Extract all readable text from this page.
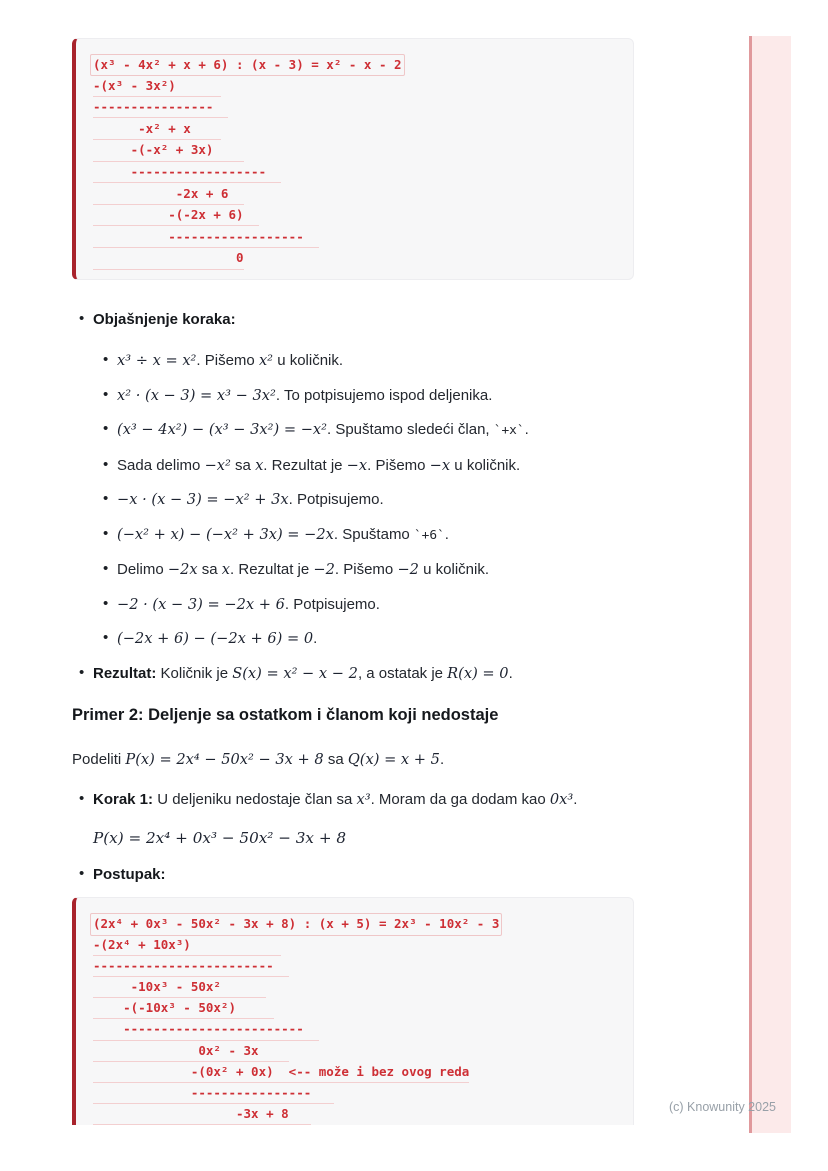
(c) Knowunity 2025
(x³ - 4x² + x + 6) : (x - 3) = x² - x - 2
-(x³ - 3x²)
----------------
-x² + x
-(-x² + 3x)
------------------
-2x + 6
-(-2x + 6)
------------------
0
• Objašnjenje koraka:
• x³ ÷ x = x². Pišemo x² u količnik.
• x² · (x − 3) = x³ − 3x². To potpisujemo ispod deljenika.
• (x³ − 4x²) − (x³ − 3x²) = −x². Spuštamo sledeći član, `+x`.
• Sada delimo −x² sa x. Rezultat je −x. Pišemo −x u količnik.
• −x · (x − 3) = −x² + 3x. Potpisujemo.
• (−x² + x) − (−x² + 3x) = −2x. Spuštamo `+6`.
• Delimo −2x sa x. Rezultat je −2. Pišemo −2 u količnik.
• −2 · (x − 3) = −2x + 6. Potpisujemo.
• (−2x + 6) − (−2x + 6) = 0.
• Rezultat: Količnik je S(x) = x² − x − 2, a ostatak je R(x) = 0.
Primer 2: Deljenje sa ostatkom i članom koji nedostaje

Podeliti P(x) = 2x⁴ − 50x² − 3x + 8 sa Q(x) = x + 5.

• Korak 1: U deljeniku nedostaje član sa x³. Moram da ga dodam kao 0x³.
P(x) = 2x⁴ + 0x³ − 50x² − 3x + 8
• Postupak:
(2x⁴ + 0x³ - 50x² - 3x + 8) : (x + 5) = 2x³ - 10x² - 3
-(2x⁴ + 10x³)
------------------------
-10x³ - 50x²
-(-10x³ - 50x²)
------------------------
0x² - 3x
-(0x² + 0x)  <-- može i bez ovog reda
----------------
-3x + 8
